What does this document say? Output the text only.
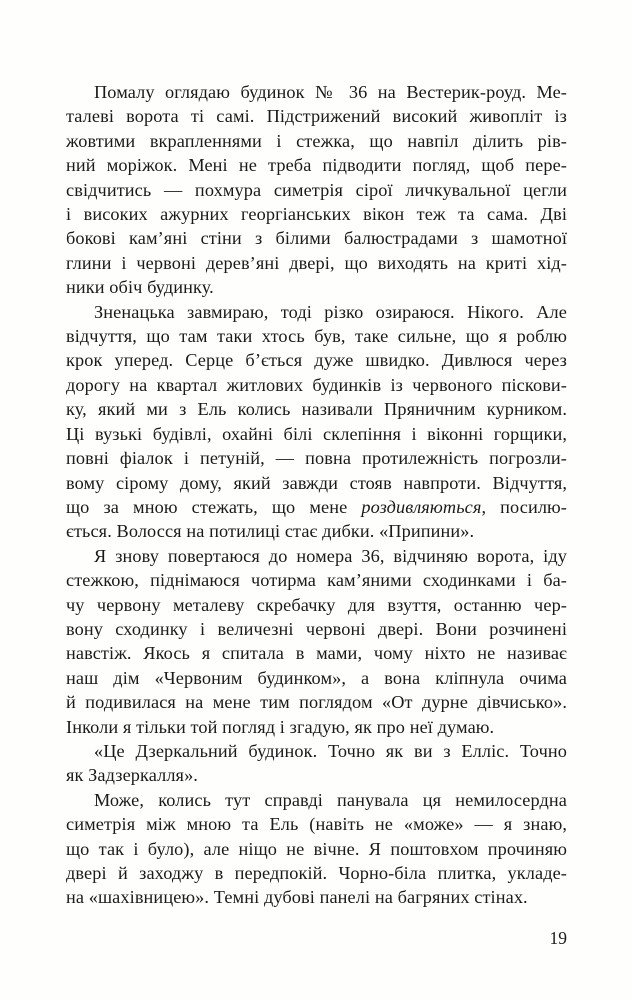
Помалу оглядаю будинок № 36 на Вестерик-роуд. Ме-
талеві ворота ті самі. Підстрижений високий живопліт із
жовтими вкрапленнями і стежка, що навпіл ділить рів-
ний моріжок. Мені не треба підводити погляд, щоб пере-
свідчитись — похмура симетрія сірої личкувальної цегли
і високих ажурних георгіанських вікон теж та сама. Дві
бокові кам’яні стіни з білими балюстрадами з шамотної
глини і червоні дерев’яні двері, що виходять на криті хід-
ники обіч будинку.

Зненацька завмираю, тоді різко озираюся. Нікого. Але
відчуття, що там таки хтось був, таке сильне, що я роблю
крок уперед. Серце б’ється дуже швидко. Дивлюся через
дорогу на квартал житлових будинків із червоного піскови-
ку, який ми з Ель колись називали Пряничним курником.
Ці вузькі будівлі, охайні білі склепіння і віконні горщики,
повні фіалок і петуній, — повна протилежність погрозли-
вому сірому дому, який завжди стояв навпроти. Відчуття,
що за мною стежать, що мене роздивляються, посилю-
ється. Волосся на потилиці стає дибки. «Припини».

Я знову повертаюся до номера 36, відчиняю ворота, іду
стежкою, піднімаюся чотирма кам’яними сходинками і ба-
чу червону металеву скребачку для взуття, останню чер-
вону сходинку і величезні червоні двері. Вони розчинені
навстіж. Якось я спитала в мами, чому ніхто не називає
наш дім «Червоним будинком», а вона кліпнула очима
й подивилася на мене тим поглядом «От дурне дівчисько».
Інколи я тільки той погляд і згадую, як про неї думаю.

«Це Дзеркальний будинок. Точно як ви з Елліс. Точно
як Задзеркалля».

Може, колись тут справді панувала ця немилосердна
симетрія між мною та Ель (навіть не «може» — я знаю,
що так і було), але ніщо не вічне. Я поштовхом прочиняю
двері й заходжу в передпокій. Чорно-біла плитка, укладе-
на «шахівницею». Темні дубові панелі на багряних стінах.

19
